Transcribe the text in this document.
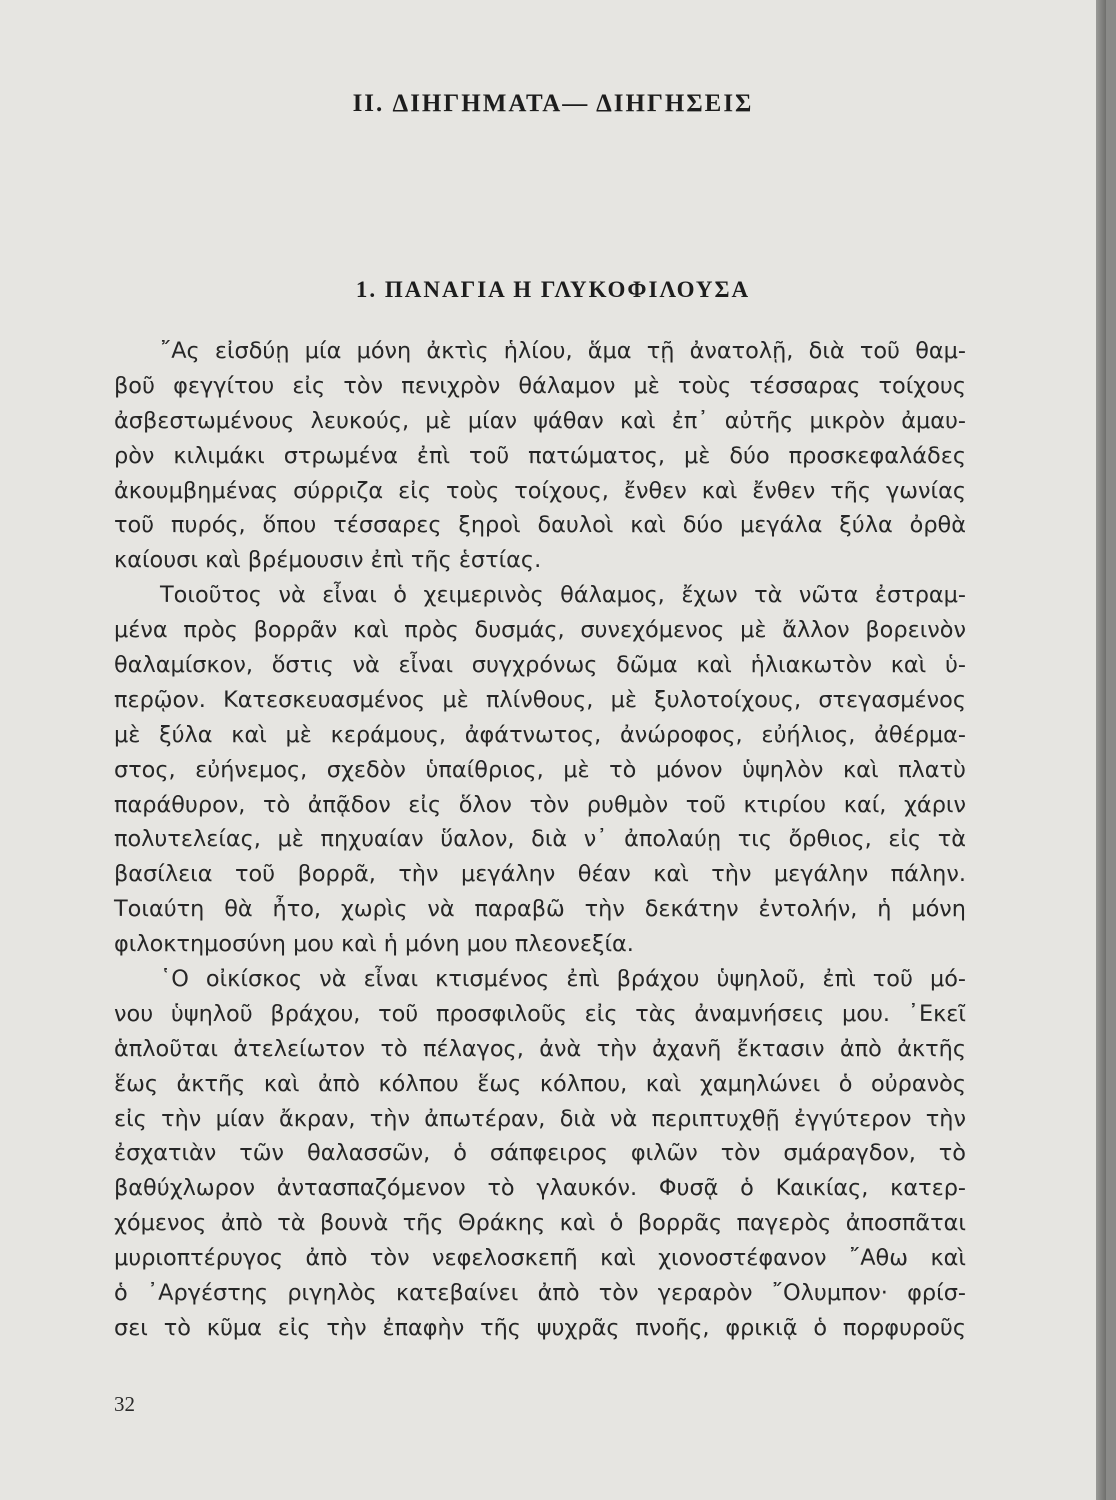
II. ΔΙΗΓΗΜΑΤΑ— ΔΙΗΓΗΣΕΙΣ
1. ΠΑΝΑΓΙΑ Η ΓΛΥΚΟΦΙΛΟΥΣΑ
῎Ας εἰσδύῃ μία μόνη ἀκτὶς ἡλίου, ἅμα τῇ ἀνατολῇ, διὰ τοῦ θαμ-
βοῦ φεγγίτου εἰς τὸν πενιχρὸν θάλαμον μὲ τοὺς τέσσαρας τοίχους
ἀσβεστωμένους λευκούς, μὲ μίαν ψάθαν καὶ ἐπ᾽ αὐτῆς μικρὸν ἀμαυ-
ρὸν κιλιμάκι στρωμένα ἐπὶ τοῦ πατώματος, μὲ δύο προσκεφαλάδες
ἀκουμβημένας σύρριζα εἰς τοὺς τοίχους, ἔνθεν καὶ ἔνθεν τῆς γωνίας
τοῦ πυρός, ὅπου τέσσαρες ξηροὶ δαυλοὶ καὶ δύο μεγάλα ξύλα ὀρθὰ
καίουσι καὶ βρέμουσιν ἐπὶ τῆς ἑστίας.
Τοιοῦτος νὰ εἶναι ὁ χειμερινὸς θάλαμος, ἔχων τὰ νῶτα ἐστραμ-
μένα πρὸς βορρᾶν καὶ πρὸς δυσμάς, συνεχόμενος μὲ ἄλλον βορεινὸν
θαλαμίσκον, ὅστις νὰ εἶναι συγχρόνως δῶμα καὶ ἡλιακωτὸν καὶ ὑ-
περῷον. Κατεσκευασμένος μὲ πλίνθους, μὲ ξυλοτοίχους, στεγασμένος
μὲ ξύλα καὶ μὲ κεράμους, ἀφάτνωτος, ἀνώροφος, εὐήλιος, ἀθέρμα-
στος, εὐήνεμος, σχεδὸν ὑπαίθριος, μὲ τὸ μόνον ὑψηλὸν καὶ πλατὺ
παράθυρον, τὸ ἀπᾷδον εἰς ὅλον τὸν ρυθμὸν τοῦ κτιρίου καί, χάριν
πολυτελείας, μὲ πηχυαίαν ὕαλον, διὰ ν᾽ ἀπολαύῃ τις ὄρθιος, εἰς τὰ
βασίλεια τοῦ βορρᾶ, τὴν μεγάλην θέαν καὶ τὴν μεγάλην πάλην.
Τοιαύτη θὰ ἦτο, χωρὶς νὰ παραβῶ τὴν δεκάτην ἐντολήν, ἡ μόνη
φιλοκτημοσύνη μου καὶ ἡ μόνη μου πλεονεξία.
῾Ο οἰκίσκος νὰ εἶναι κτισμένος ἐπὶ βράχου ὑψηλοῦ, ἐπὶ τοῦ μό-
νου ὑψηλοῦ βράχου, τοῦ προσφιλοῦς εἰς τὰς ἀναμνήσεις μου. ᾿Εκεῖ
ἁπλοῦται ἀτελείωτον τὸ πέλαγος, ἀνὰ τὴν ἀχανῆ ἔκτασιν ἀπὸ ἀκτῆς
ἕως ἀκτῆς καὶ ἀπὸ κόλπου ἕως κόλπου, καὶ χαμηλώνει ὁ οὐρανὸς
εἰς τὴν μίαν ἄκραν, τὴν ἀπωτέραν, διὰ νὰ περιπτυχθῇ ἐγγύτερον τὴν
ἐσχατιὰν τῶν θαλασσῶν, ὁ σάπφειρος φιλῶν τὸν σμάραγδον, τὸ
βαθύχλωρον ἀντασπαζόμενον τὸ γλαυκόν. Φυσᾷ ὁ Καικίας, κατερ-
χόμενος ἀπὸ τὰ βουνὰ τῆς Θράκης καὶ ὁ βορρᾶς παγερὸς ἀποσπᾶται
μυριοπτέρυγος ἀπὸ τὸν νεφελοσκεπῆ καὶ χιονοστέφανον ῎Αθω καὶ
ὁ ᾿Αργέστης ριγηλὸς κατεβαίνει ἀπὸ τὸν γεραρὸν ῎Ολυμπον· φρίσ-
σει τὸ κῦμα εἰς τὴν ἐπαφὴν τῆς ψυχρᾶς πνοῆς, φρικιᾷ ὁ πορφυροῦς
32
